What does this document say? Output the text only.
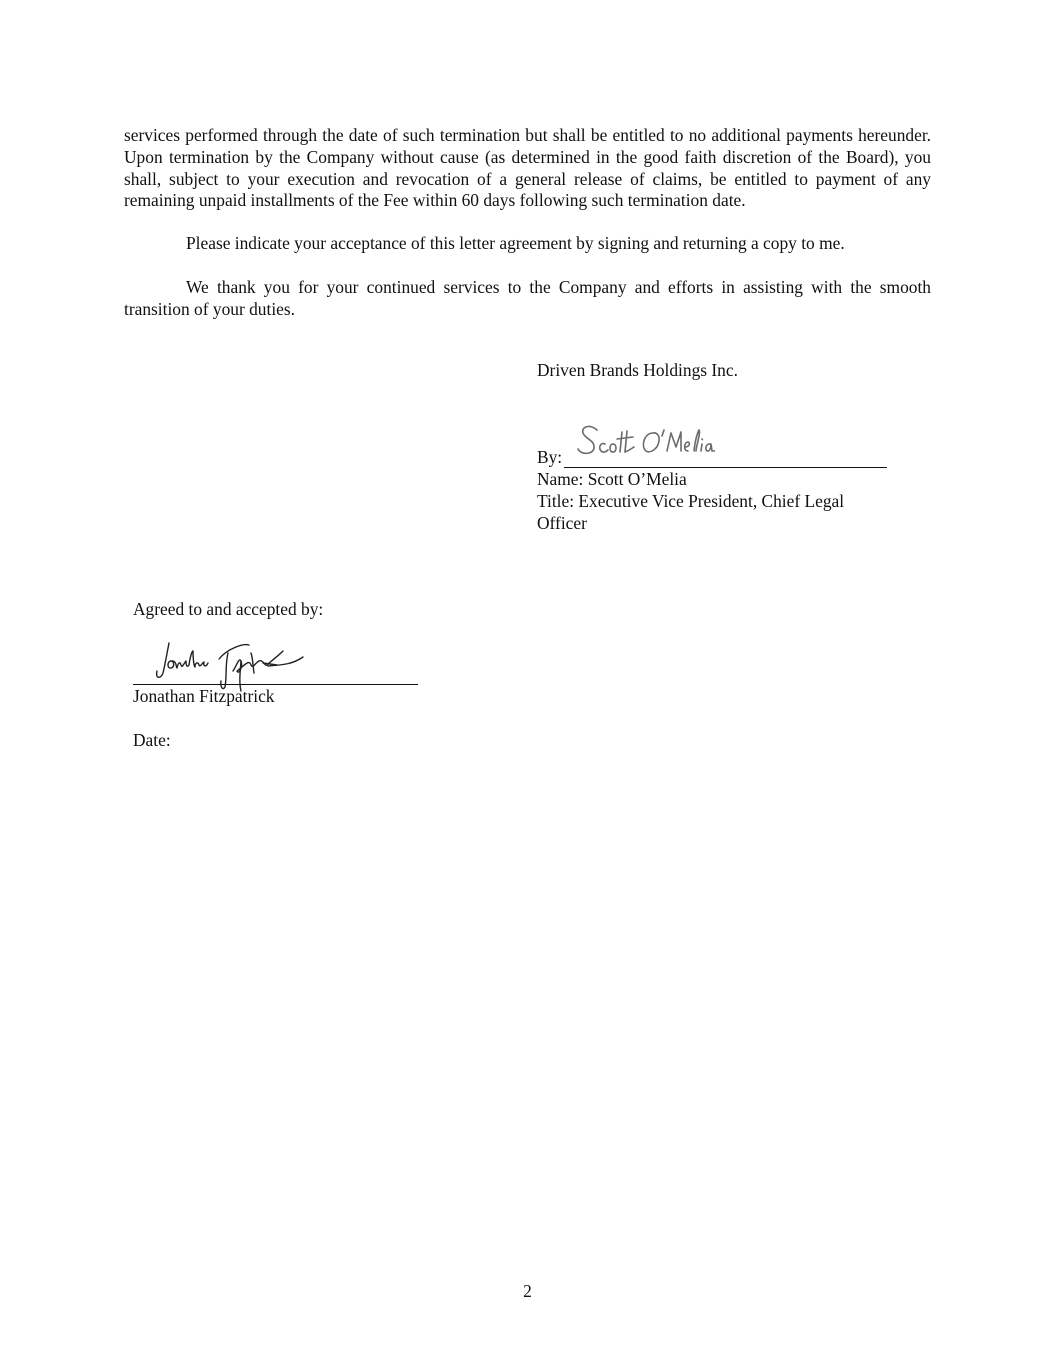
services performed through the date of such termination but shall be entitled to no additional payments hereunder. Upon termination by the Company without cause (as determined in the good faith discretion of the Board), you shall, subject to your execution and revocation of a general release of claims, be entitled to payment of any remaining unpaid installments of the Fee within 60 days following such termination date.

Please indicate your acceptance of this letter agreement by signing and returning a copy to me.

We thank you for your continued services to the Company and efforts in assisting with the smooth transition of your duties.

Driven Brands Holdings Inc.
By:
Name: Scott O’Melia
Title: Executive Vice President, Chief Legal Officer
Agreed to and accepted by:
Jonathan Fitzpatrick
Date:
2
